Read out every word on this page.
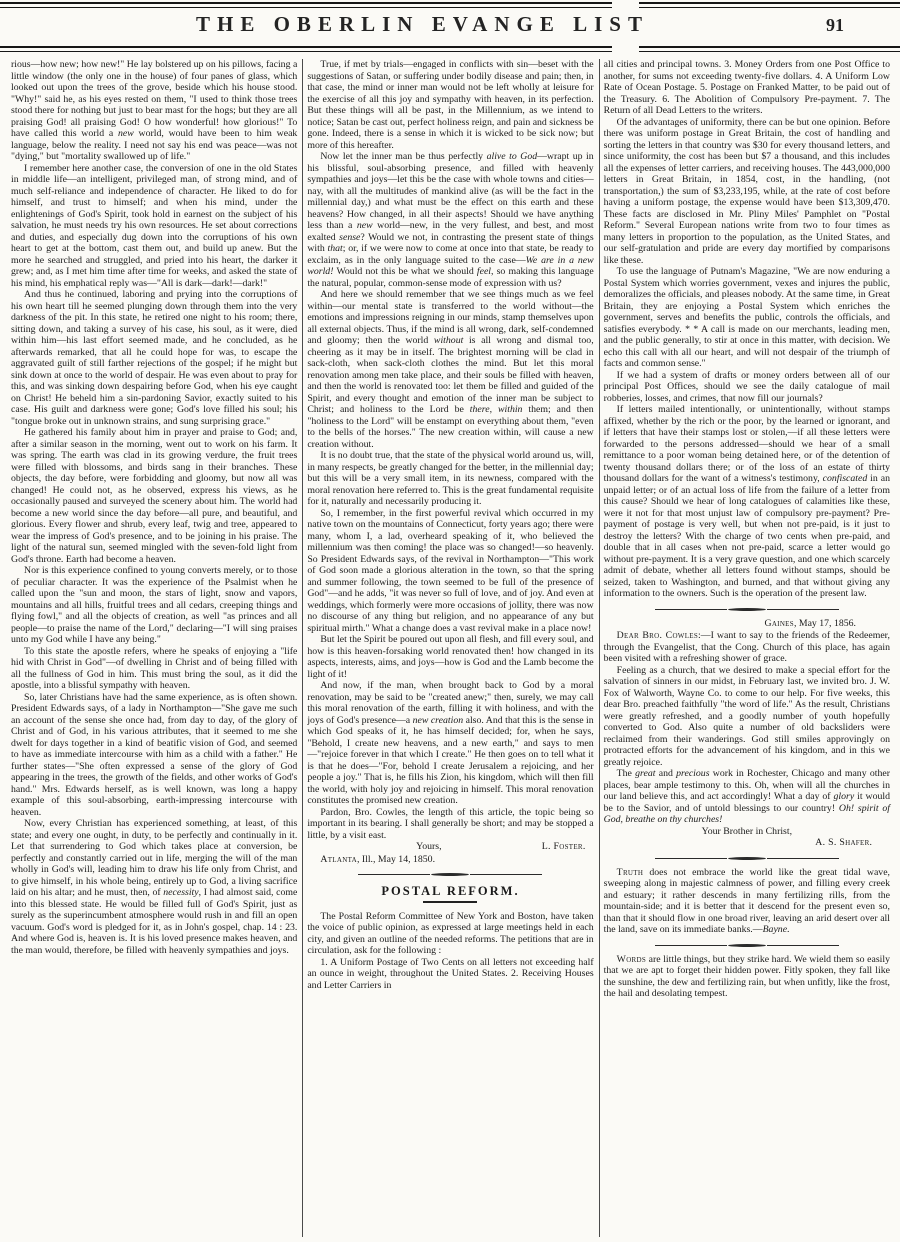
THE OBERLIN EVANGE LIST	91

rious—how new; how new!" He lay bolstered up on his pillows, facing a little window (the only one in the house) of four panes of glass, which looked out upon the trees of the grove, beside which his house stood. "Why!" said he, as his eyes rested on them, "I used to think those trees stood there for nothing but just to bear mast for the hogs; but they are all praising God! all praising God! O how wonderful! how glorious!" To have called this world a new world, would have been to him weak language, below the reality. I need not say his end was peace—was not "dying," but "mortality swallowed up of life."

I remember here another case, the conversion of one in the old States in middle life—an intelligent, privileged man, of strong mind, and of much self-reliance and independence of character. He liked to do for himself, and trust to himself; and when his mind, under the enlightenings of God's Spirit, took hold in earnest on the subject of his salvation, he must needs try his own resources. He set about corrections and duties, and especially dug down into the corruptions of his own heart to get at the bottom, cast them out, and build up anew. But the more he searched and struggled, and pried into his heart, the darker it grew; and, as I met him time after time for weeks, and asked the state of his mind, his emphatical reply was—"All is dark—dark!—dark!"

And thus he continued, laboring and prying into the corruptions of his own heart till he seemed plunging down through them into the very darkness of the pit. In this state, he retired one night to his room; there, sitting down, and taking a survey of his case, his soul, as it were, died within him—his last effort seemed made, and he concluded, as he afterwards remarked, that all he could hope for was, to escape the aggravated guilt of still farther rejections of the gospel; if he might but sink down at once to the world of despair. He was even about to pray for this, and was sinking down despairing before God, when his eye caught on Christ! He beheld him a sin-pardoning Savior, exactly suited to his case. His guilt and darkness were gone; God's love filled his soul; his "tongue broke out in unknown strains, and sung surprising grace."

He gathered his family about him in prayer and praise to God; and, after a similar season in the morning, went out to work on his farm. It was spring. The earth was clad in its growing verdure, the fruit trees were filled with blossoms, and birds sang in their branches. These objects, the day before, were forbidding and gloomy, but now all was changed! He could not, as he observed, express his views, as he occasionally paused and surveyed the scenery about him. The world had become a new world since the day before—all pure, and beautiful, and glorious. Every flower and shrub, every leaf, twig and tree, appeared to wear the impress of God's presence, and to be joining in his praise. The light of the natural sun, seemed mingled with the seven-fold light from God's throne. Earth had become a heaven.

Nor is this experience confined to young converts merely, or to those of peculiar character. It was the experience of the Psalmist when he called upon the "sun and moon, the stars of light, snow and vapors, mountains and all hills, fruitful trees and all cedars, creeping things and flying fowl," and all the objects of creation, as well "as princes and all people—to praise the name of the Lord," declaring—"I will sing praises unto my God while I have any being."

To this state the apostle refers, where he speaks of enjoying a "life hid with Christ in God"—of dwelling in Christ and of being filled with all the fullness of God in him. This must bring the soul, as it did the apostle, into a blissful sympathy with heaven.

So, later Christians have had the same experience, as is often shown. President Edwards says, of a lady in Northampton—"She gave me such an account of the sense she once had, from day to day, of the glory of Christ and of God, in his various attributes, that it seemed to me she dwelt for days together in a kind of beatific vision of God, and seemed to have as immediate intercourse with him as a child with a father." He further states—"She often expressed a sense of the glory of God appearing in the trees, the growth of the fields, and other works of God's hand." Mrs. Edwards herself, as is well known, was long a happy example of this soul-absorbing, earth-impressing intercourse with heaven.

Now, every Christian has experienced something, at least, of this state; and every one ought, in duty, to be perfectly and continually in it. Let that surrendering to God which takes place at conversion, be perfectly and constantly carried out in life, merging the will of the man wholly in God's will, leading him to draw his life only from Christ, and to give himself, in his whole being, entirely up to God, a living sacrifice laid on his altar; and he must, then, of necessity, I had almost said, come into this blessed state. He would be filled full of God's Spirit, just as surely as the superincumbent atmosphere would rush in and fill an open vacuum. God's word is pledged for it, as in John's gospel, chap. 14 : 23. And where God is, heaven is. It is his loved presence makes heaven, and the man would, therefore, be filled with heavenly sympathies and joys.

True, if met by trials—engaged in conflicts with sin—beset with the suggestions of Satan, or suffering under bodily disease and pain; then, in that case, the mind or inner man would not be left wholly at leisure for the exercise of all this joy and sympathy with heaven, in its perfection. But these things will all be past, in the Millennium, as we intend to notice; Satan be cast out, perfect holiness reign, and pain and sickness be gone. Indeed, there is a sense in which it is wicked to be sick now; but more of this hereafter.

Now let the inner man be thus perfectly alive to God—wrapt up in his blissful, soul-absorbing presence, and filled with heavenly sympathies and joys—let this be the case with whole towns and cities—nay, with all the multitudes of mankind alive (as will be the fact in the millennial day,) and what must be the effect on this earth and these heavens? How changed, in all their aspects! Should we have anything less than a new world—new, in the very fullest, and best, and most exalted sense? Would we not, in contrasting the present state of things with that; or, if we were now to come at once into that state, be ready to exclaim, as in the only language suited to the case—We are in a new world! Would not this be what we should feel, so making this language the natural, popular, common-sense mode of expression with us?

And here we should remember that we see things much as we feel within—our mental state is transferred to the world without—the emotions and impressions reigning in our minds, stamp themselves upon all external objects. Thus, if the mind is all wrong, dark, self-condemned and gloomy; then the world without is all wrong and dismal too, cheering as it may be in itself. The brightest morning will be clad in sack-cloth, when sack-cloth clothes the mind. But let this moral renovation among men take place, and their souls be filled with heaven, and then the world is renovated too: let them be filled and guided of the Spirit, and every thought and emotion of the inner man be subject to Christ; and holiness to the Lord be there, within them; and then "holiness to the Lord" will be enstampt on everything about them, "even to the bells of the horses." The new creation within, will cause a new creation without.

It is no doubt true, that the state of the physical world around us, will, in many respects, be greatly changed for the better, in the millennial day; but this will be a very small item, in its newness, compared with the moral renovation here referred to. This is the great fundamental requisite for it, naturally and necessarily producing it.

So, I remember, in the first powerful revival which occurred in my native town on the mountains of Connecticut, forty years ago; there were many, whom I, a lad, overheard speaking of it, who believed the millennium was then coming! the place was so changed!—so heavenly. So President Edwards says, of the revival in Northampton—"This work of God soon made a glorious alteration in the town, so that the spring and summer following, the town seemed to be full of the presence of God"—and he adds, "it was never so full of love, and of joy. And even at weddings, which formerly were more occasions of jollity, there was now no discourse of any thing but religion, and no appearance of any but spiritual mirth." What a change does a vast revival make in a place now!

But let the Spirit be poured out upon all flesh, and fill every soul, and how is this heaven-forsaking world renovated then! how changed in its aspects, interests, aims, and joys—how is God and the Lamb become the light of it!

And now, if the man, when brought back to God by a moral renovation, may be said to be "created anew;" then, surely, we may call this moral renovation of the earth, filling it with holiness, and with the joys of God's presence—a new creation also. And that this is the sense in which God speaks of it, he has himself decided; for, when he says, "Behold, I create new heavens, and a new earth," and says to men—"rejoice forever in that which I create." He then goes on to tell what it is that he does—"For, behold I create Jerusalem a rejoicing, and her people a joy." That is, he fills his Zion, his kingdom, which will then fill the world, with holy joy and rejoicing in himself. This moral renovation constitutes the promised new creation.

Pardon, Bro. Cowles, the length of this article, the topic being so important in its bearing. I shall generally be short; and may be stopped a little, by a visit east.

Yours,	L. Foster.

Atlanta, Ill., May 14, 1850.

POSTAL REFORM.

The Postal Reform Committee of New York and Boston, have taken the voice of public opinion, as expressed at large meetings held in each city, and given an outline of the needed reforms. The petitions that are in circulation, ask for the following :

1. A Uniform Postage of Two Cents on all letters not exceeding half an ounce in weight, throughout the United States. 2. Receiving Houses and Letter Carriers in

all cities and principal towns. 3. Money Orders from one Post Office to another, for sums not exceeding twenty-five dollars. 4. A Uniform Low Rate of Ocean Postage. 5. Postage on Franked Matter, to be paid out of the Treasury. 6. The Abolition of Compulsory Pre-payment. 7. The Return of all Dead Letters to the writers.

Of the advantages of uniformity, there can be but one opinion. Before there was uniform postage in Great Britain, the cost of handling and sorting the letters in that country was $30 for every thousand letters, and since uniformity, the cost has been but $7 a thousand, and this includes all the expenses of letter carriers, and receiving houses. The 443,000,000 letters in Great Britain, in 1854, cost, in the handling, (not transportation,) the sum of $3,233,195, while, at the rate of cost before having a uniform postage, the expense would have been $13,309,470. These facts are disclosed in Mr. Pliny Miles' Pamphlet on "Postal Reform." Several European nations write from two to four times as many letters in proportion to the population, as the United States, and our self-gratulation and pride are every day mortified by comparisons like these.

To use the language of Putnam's Magazine, "We are now enduring a Postal System which worries government, vexes and injures the public, demoralizes the officials, and pleases nobody. At the same time, in Great Britain, they are enjoying a Postal System which enriches the government, serves and benefits the public, controls the officials, and satisfies everybody. * * A call is made on our merchants, leading men, and the public generally, to stir at once in this matter, with decision. We echo this call with all our heart, and will not despair of the triumph of facts and common sense."

If we had a system of drafts or money orders between all of our principal Post Offices, should we see the daily catalogue of mail robberies, losses, and crimes, that now fill our journals?

If letters mailed intentionally, or unintentionally, without stamps affixed, whether by the rich or the poor, by the learned or ignorant, and if letters that have their stamps lost or stolen,—if all these letters were forwarded to the persons addressed—should we hear of a small remittance to a poor woman being detained here, or of the detention of twenty thousand dollars there; or of the loss of an estate of thirty thousand dollars for the want of a witness's testimony, confiscated in an unpaid letter; or of an actual loss of life from the failure of a letter from this cause? Should we hear of long catalogues of calamities like these, were it not for that most unjust law of compulsory pre-payment? Pre-payment of postage is very well, but when not pre-paid, is it just to destroy the letters? With the charge of two cents when pre-paid, and double that in all cases when not pre-paid, scarce a letter would go without pre-payment. It is a very grave question, and one which scarcely admit of debate, whether all letters found without stamps, should be seized, taken to Washington, and burned, and that without giving any information to the owners. Such is the operation of the present law.

Gaines, May 17, 1856.

Dear Bro. Cowles:—I want to say to the friends of the Redeemer, through the Evangelist, that the Cong. Church of this place, has again been visited with a refreshing shower of grace.

Feeling as a church, that we desired to make a special effort for the salvation of sinners in our midst, in February last, we invited bro. J. W. Fox of Walworth, Wayne Co. to come to our help. For five weeks, this dear Bro. preached faithfully "the word of life." As the result, Christians were greatly refreshed, and a goodly number of youth hopefully converted to God. Also quite a number of old backsliders were reclaimed from their wanderings. God still smiles approvingly on protracted efforts for the advancement of his kingdom, and in this we greatly rejoice.

The great and precious work in Rochester, Chicago and many other places, bear ample testimony to this. Oh, when will all the churches in our land believe this, and act accordingly! What a day of glory it would be to the Savior, and of untold blessings to our country! Oh! spirit of God, breathe on thy churches!

Your Brother in Christ,

A. S. Shafer.

Truth does not embrace the world like the great tidal wave, sweeping along in majestic calmness of power, and filling every creek and estuary; it rather descends in many fertilizing rills, from the mountain-side; and it is better that it descend for the present even so, than that it should flow in one broad river, leaving an arid desert over all the land, save on its immediate banks.—Bayne.

Words are little things, but they strike hard. We wield them so easily that we are apt to forget their hidden power. Fitly spoken, they fall like the sunshine, the dew and fertilizing rain, but when unfitly, like the frost, the hail and desolating tempest.
